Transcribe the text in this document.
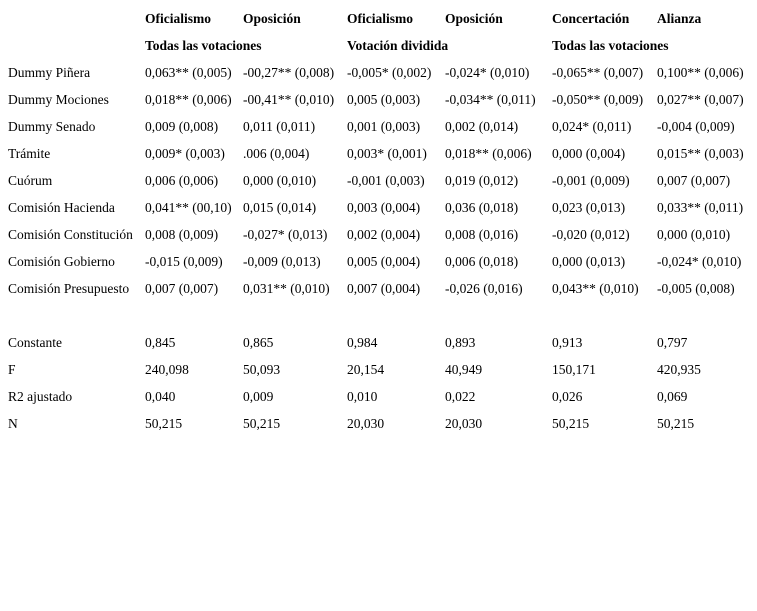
	Oficialismo	Oposición	Oficialismo	Oposición	Concertación	Alianza
	Todas las votaciones		Votación dividida		Todas las votaciones	
Dummy Piñera	0,063** (0,005)	-00,27** (0,008)	-0,005* (0,002)	-0,024* (0,010)	-0,065** (0,007)	0,100** (0,006)
Dummy Mociones	0,018** (0,006)	-00,41** (0,010)	0,005 (0,003)	-0,034** (0,011)	-0,050** (0,009)	0,027** (0,007)
Dummy Senado	0,009 (0,008)	0,011 (0,011)	0,001 (0,003)	0,002 (0,014)	0,024* (0,011)	-0,004 (0,009)
Trámite	0,009* (0,003)	.006 (0,004)	0,003* (0,001)	0,018** (0,006)	0,000 (0,004)	0,015** (0,003)
Cuórum	0,006 (0,006)	0,000 (0,010)	-0,001 (0,003)	0,019 (0,012)	-0,001 (0,009)	0,007 (0,007)
Comisión Hacienda	0,041** (00,10)	0,015 (0,014)	0,003 (0,004)	0,036 (0,018)	0,023 (0,013)	0,033** (0,011)
Comisión Constitución	0,008 (0,009)	-0,027* (0,013)	0,002 (0,004)	0,008 (0,016)	-0,020 (0,012)	0,000 (0,010)
Comisión Gobierno	-0,015 (0,009)	-0,009 (0,013)	0,005 (0,004)	0,006 (0,018)	0,000 (0,013)	-0,024* (0,010)
Comisión Presupuesto	0,007 (0,007)	0,031** (0,010)	0,007 (0,004)	-0,026 (0,016)	0,043** (0,010)	-0,005 (0,008)

Constante	0,845	0,865	0,984	0,893	0,913	0,797
F	240,098	50,093	20,154	40,949	150,171	420,935
R2 ajustado	0,040	0,009	0,010	0,022	0,026	0,069
N	50,215	50,215	20,030	20,030	50,215	50,215
